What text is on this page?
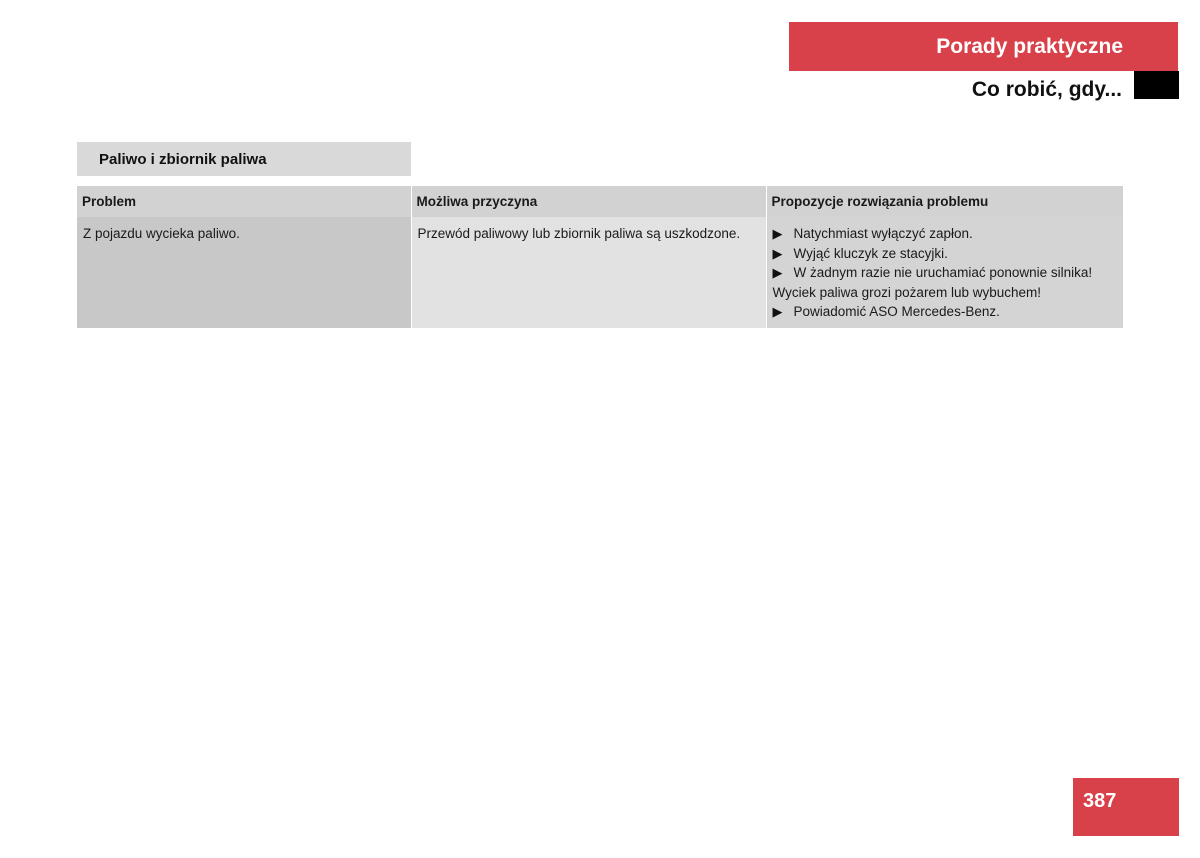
Porady praktyczne
Co robić, gdy...
Paliwo i zbiornik paliwa
Problem	Możliwa przyczyna	Propozycje rozwiązania problemu
Z pojazdu wycieka paliwo.	Przewód paliwowy lub zbiornik paliwa są uszkodzone.	▶ Natychmiast wyłączyć zapłon.
▶ Wyjąć kluczyk ze stacyjki.
▶ W żadnym razie nie uruchamiać ponownie silnika!
Wyciek paliwa grozi pożarem lub wybuchem!
▶ Powiadomić ASO Mercedes-Benz.
387
